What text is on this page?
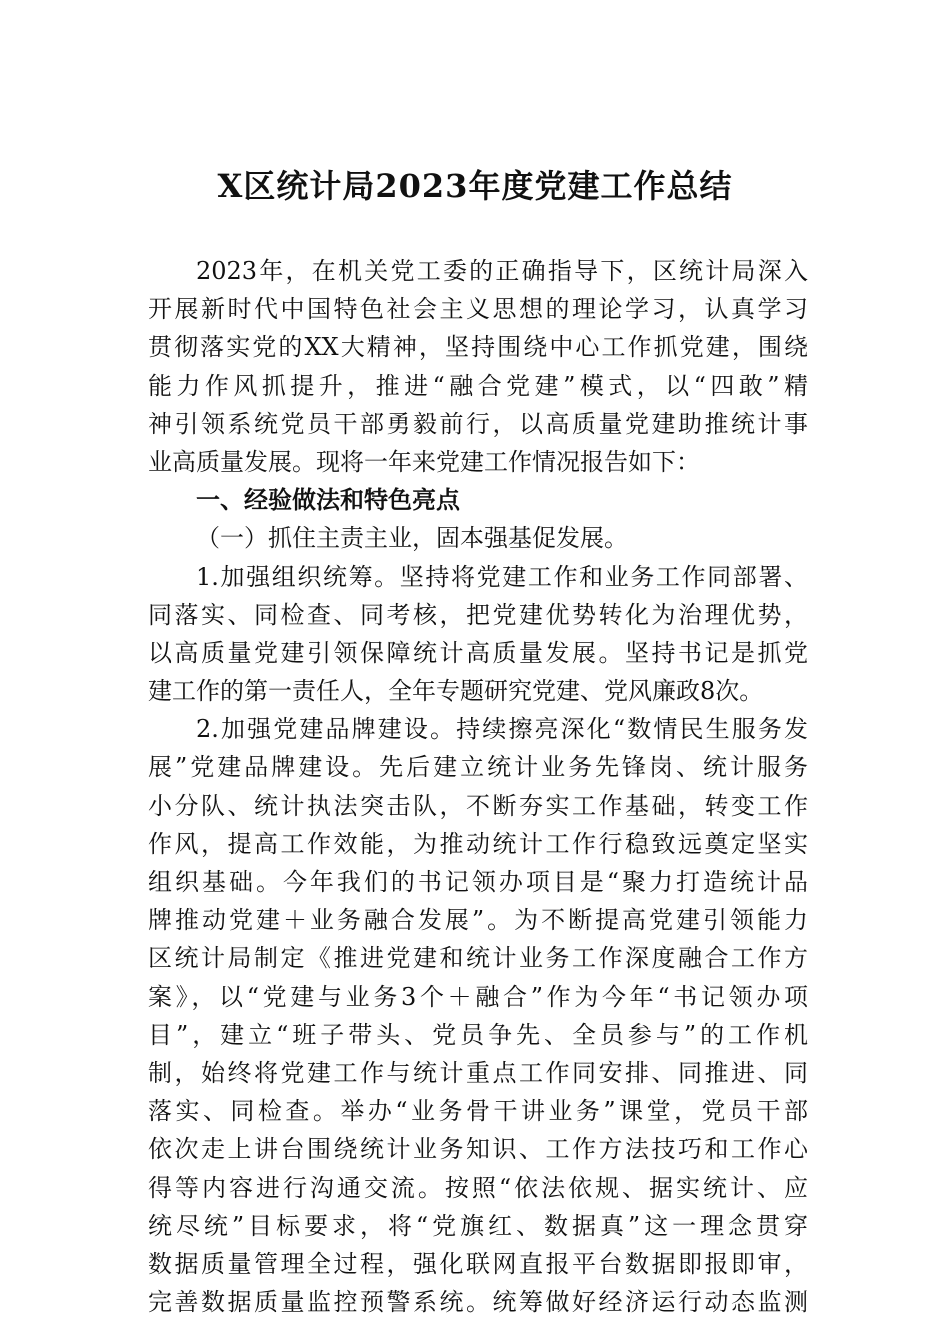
X区统计局2023年度党建工作总结
2023年，在机关党工委的正确指导下，区统计局深入
开展新时代中国特色社会主义思想的理论学习，认真学习
贯彻落实党的XX大精神，坚持围绕中心工作抓党建，围绕
能力作风抓提升，推进“融合党建”模式，以“四敢”精
神引领系统党员干部勇毅前行，以高质量党建助推统计事
业高质量发展。现将一年来党建工作情况报告如下：
一、经验做法和特色亮点
（一）抓住主责主业，固本强基促发展。
1.加强组织统筹。坚持将党建工作和业务工作同部署、
同落实、同检查、同考核，把党建优势转化为治理优势，
以高质量党建引领保障统计高质量发展。坚持书记是抓党
建工作的第一责任人，全年专题研究党建、党风廉政8次。
2.加强党建品牌建设。持续擦亮深化“数情民生服务发
展”党建品牌建设。先后建立统计业务先锋岗、统计服务
小分队、统计执法突击队，不断夯实工作基础，转变工作
作风，提高工作效能，为推动统计工作行稳致远奠定坚实
组织基础。今年我们的书记领办项目是“聚力打造统计品
牌推动党建＋业务融合发展”。为不断提高党建引领能力
区统计局制定《推进党建和统计业务工作深度融合工作方
案》，以“党建与业务3个＋融合”作为今年“书记领办项
目”，建立“班子带头、党员争先、全员参与”的工作机
制，始终将党建工作与统计重点工作同安排、同推进、同
落实、同检查。举办“业务骨干讲业务”课堂，党员干部
依次走上讲台围绕统计业务知识、工作方法技巧和工作心
得等内容进行沟通交流。按照“依法依规、据实统计、应
统尽统”目标要求，将“党旗红、数据真”这一理念贯穿
数据质量管理全过程，强化联网直报平台数据即报即审，
完善数据质量监控预警系统。统筹做好经济运行动态监测
